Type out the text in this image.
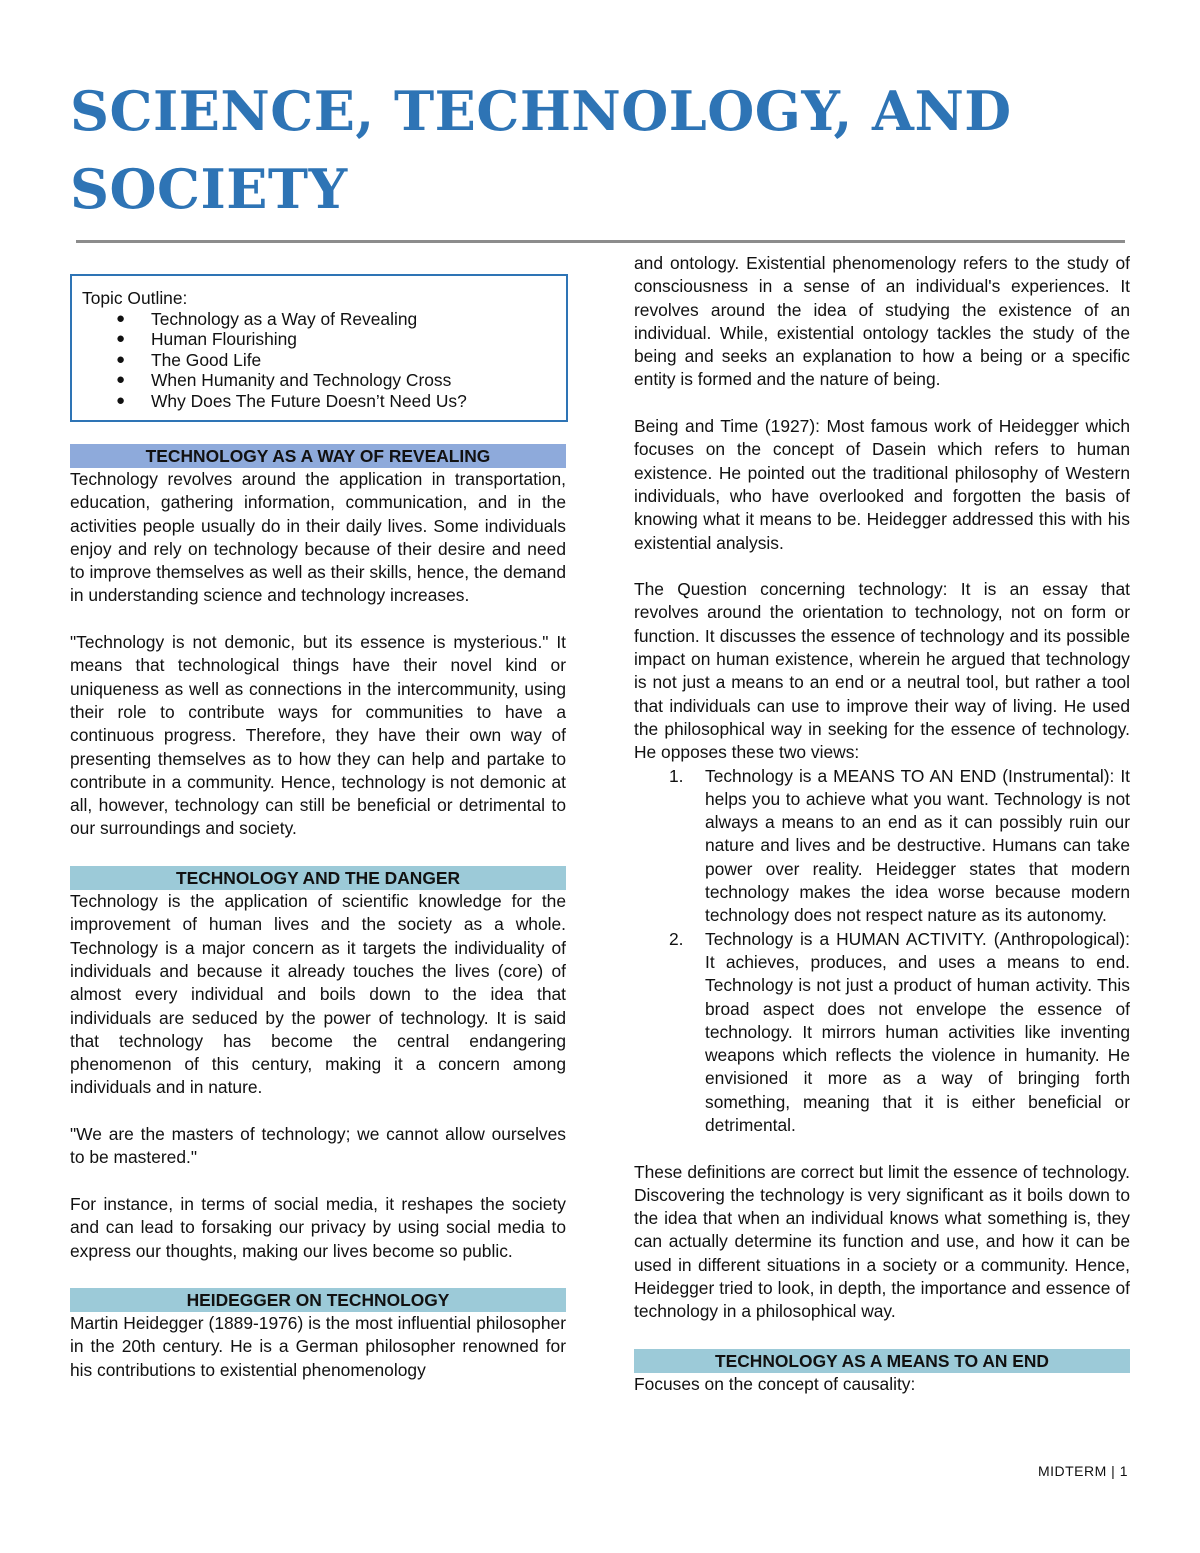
SCIENCE, TECHNOLOGY, AND SOCIETY
Topic Outline:
● Technology as a Way of Revealing
● Human Flourishing
● The Good Life
● When Humanity and Technology Cross
● Why Does The Future Doesn’t Need Us?
TECHNOLOGY AS A WAY OF REVEALING
Technology revolves around the application in transportation, education, gathering information, communication, and in the activities people usually do in their daily lives. Some individuals enjoy and rely on technology because of their desire and need to improve themselves as well as their skills, hence, the demand in understanding science and technology increases.
"Technology is not demonic, but its essence is mysterious." It means that technological things have their novel kind or uniqueness as well as connections in the intercommunity, using their role to contribute ways for communities to have a continuous progress. Therefore, they have their own way of presenting themselves as to how they can help and partake to contribute in a community. Hence, technology is not demonic at all, however, technology can still be beneficial or detrimental to our surroundings and society.
TECHNOLOGY AND THE DANGER
Technology is the application of scientific knowledge for the improvement of human lives and the society as a whole. Technology is a major concern as it targets the individuality of individuals and because it already touches the lives (core) of almost every individual and boils down to the idea that individuals are seduced by the power of technology. It is said that technology has become the central endangering phenomenon of this century, making it a concern among individuals and in nature.
"We are the masters of technology; we cannot allow ourselves to be mastered."
For instance, in terms of social media, it reshapes the society and can lead to forsaking our privacy by using social media to express our thoughts, making our lives become so public.
HEIDEGGER ON TECHNOLOGY
Martin Heidegger (1889-1976) is the most influential philosopher in the 20th century. He is a German philosopher renowned for his contributions to existential phenomenology
and ontology. Existential phenomenology refers to the study of consciousness in a sense of an individual's experiences. It revolves around the idea of studying the existence of an individual. While, existential ontology tackles the study of the being and seeks an explanation to how a being or a specific entity is formed and the nature of being.
Being and Time (1927): Most famous work of Heidegger which focuses on the concept of Dasein which refers to human existence. He pointed out the traditional philosophy of Western individuals, who have overlooked and forgotten the basis of knowing what it means to be. Heidegger addressed this with his existential analysis.
The Question concerning technology: It is an essay that revolves around the orientation to technology, not on form or function. It discusses the essence of technology and its possible impact on human existence, wherein he argued that technology is not just a means to an end or a neutral tool, but rather a tool that individuals can use to improve their way of living. He used the philosophical way in seeking for the essence of technology. He opposes these two views:
1. Technology is a MEANS TO AN END (Instrumental): It helps you to achieve what you want. Technology is not always a means to an end as it can possibly ruin our nature and lives and be destructive. Humans can take power over reality. Heidegger states that modern technology makes the idea worse because modern technology does not respect nature as its autonomy.
2. Technology is a HUMAN ACTIVITY. (Anthropological): It achieves, produces, and uses a means to end. Technology is not just a product of human activity. This broad aspect does not envelope the essence of technology. It mirrors human activities like inventing weapons which reflects the violence in humanity. He envisioned it more as a way of bringing forth something, meaning that it is either beneficial or detrimental.
These definitions are correct but limit the essence of technology. Discovering the technology is very significant as it boils down to the idea that when an individual knows what something is, they can actually determine its function and use, and how it can be used in different situations in a society or a community. Hence, Heidegger tried to look, in depth, the importance and essence of technology in a philosophical way.
TECHNOLOGY AS A MEANS TO AN END
Focuses on the concept of causality:
MIDTERM | 1
